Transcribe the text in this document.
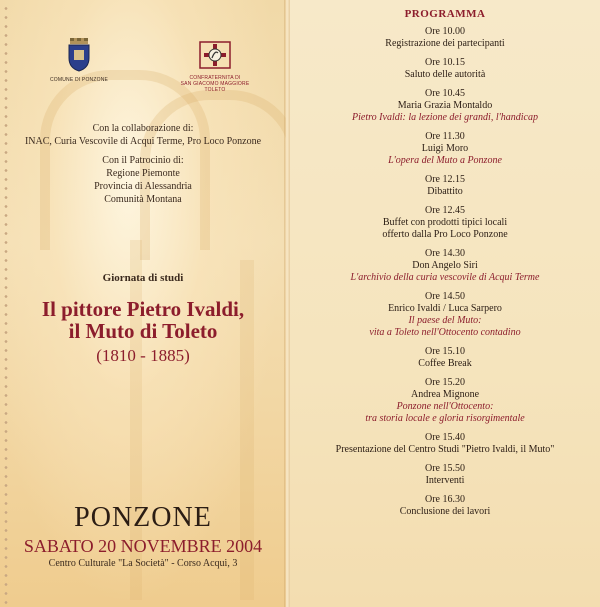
COMUNE DI PONZONE	CONFRATERNITA DI
SAN GIACOMO MAGGIORE
TOLETO
Con la collaborazione di:
INAC, Curia Vescovile di Acqui Terme, Pro Loco Ponzone
Con il Patrocinio di:
Regione Piemonte
Provincia di Alessandria
Comunità Montana
Giornata di studi
Il pittore Pietro Ivaldi,
il Muto di Toleto
(1810 - 1885)
PONZONE
SABATO 20 NOVEMBRE 2004
Centro Culturale "La Società" - Corso Acqui, 3
PROGRAMMA
Ore 10.00
Registrazione dei partecipanti
Ore 10.15
Saluto delle autorità
Ore 10.45
Maria Grazia Montaldo
Pietro Ivaldi: la lezione dei grandi, l'handicap
Ore 11.30
Luigi Moro
L'opera del Muto a Ponzone
Ore 12.15
Dibattito
Ore 12.45
Buffet con prodotti tipici locali
offerto dalla Pro Loco Ponzone
Ore 14.30
Don Angelo Siri
L'archivio della curia vescovile di Acqui Terme
Ore 14.50
Enrico Ivaldi / Luca Sarpero
Il paese del Muto:
vita a Toleto nell'Ottocento contadino
Ore 15.10
Coffee Break
Ore 15.20
Andrea Mignone
Ponzone nell'Ottocento:
tra storia locale e gloria risorgimentale
Ore 15.40
Presentazione del Centro Studi "Pietro Ivaldi, il Muto"
Ore 15.50
Interventi
Ore 16.30
Conclusione dei lavori
